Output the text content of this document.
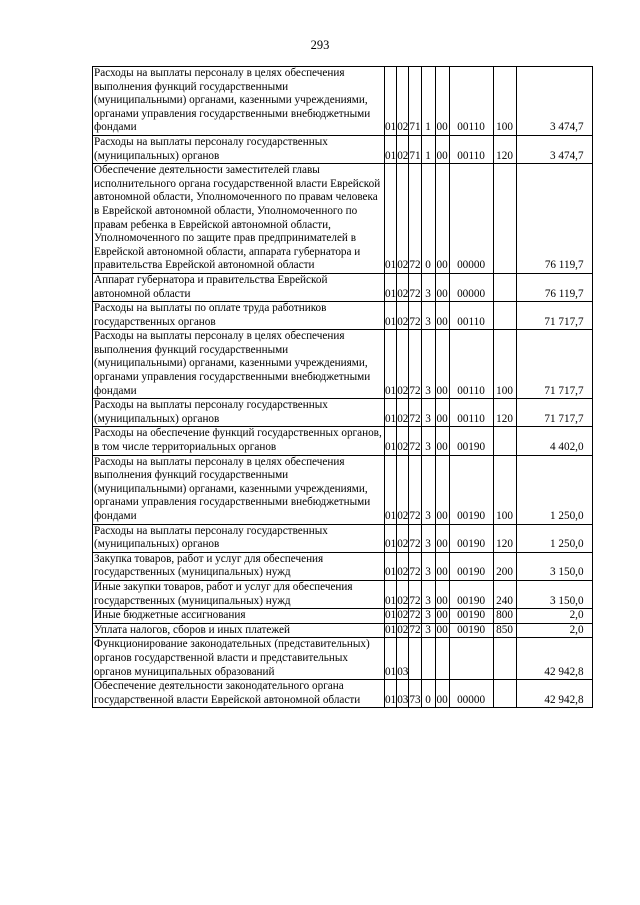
293
Расходы на выплаты персоналу в целях обеспечения выполнения функций государственными (муниципальными) органами, казенными учреждениями, органами управления государственными внебюджетными фондами	01	02	71	1	00	00110	100	3 474,7
Расходы на выплаты персоналу государственных (муниципальных) органов	01	02	71	1	00	00110	120	3 474,7
Обеспечение деятельности заместителей главы исполнительного органа государственной власти Еврейской автономной области, Уполномоченного по правам человека в Еврейской автономной области, Уполномоченного по правам ребенка в Еврейской автономной области, Уполномоченного по защите прав предпринимателей в Еврейской автономной области, аппарата губернатора и правительства Еврейской автономной области	01	02	72	0	00	00000		76 119,7
Аппарат губернатора и правительства Еврейской автономной области	01	02	72	3	00	00000		76 119,7
Расходы на выплаты по оплате труда работников государственных органов	01	02	72	3	00	00110		71 717,7
Расходы на выплаты персоналу в целях обеспечения выполнения функций государственными (муниципальными) органами, казенными учреждениями, органами управления государственными внебюджетными фондами	01	02	72	3	00	00110	100	71 717,7
Расходы на выплаты персоналу государственных (муниципальных) органов	01	02	72	3	00	00110	120	71 717,7
Расходы на обеспечение функций государственных органов, в том числе территориальных органов	01	02	72	3	00	00190		4 402,0
Расходы на выплаты персоналу в целях обеспечения выполнения функций государственными (муниципальными) органами, казенными учреждениями, органами управления государственными внебюджетными фондами	01	02	72	3	00	00190	100	1 250,0
Расходы на выплаты персоналу государственных (муниципальных) органов	01	02	72	3	00	00190	120	1 250,0
Закупка товаров, работ и услуг для обеспечения государственных (муниципальных) нужд	01	02	72	3	00	00190	200	3 150,0
Иные закупки товаров, работ и услуг для обеспечения государственных (муниципальных) нужд	01	02	72	3	00	00190	240	3 150,0
Иные бюджетные ассигнования	01	02	72	3	00	00190	800	2,0
Уплата налогов, сборов и иных платежей	01	02	72	3	00	00190	850	2,0
Функционирование законодательных (представительных) органов государственной власти и представительных органов муниципальных образований	01	03						42 942,8
Обеспечение деятельности законодательного органа государственной власти Еврейской автономной области	01	03	73	0	00	00000		42 942,8
